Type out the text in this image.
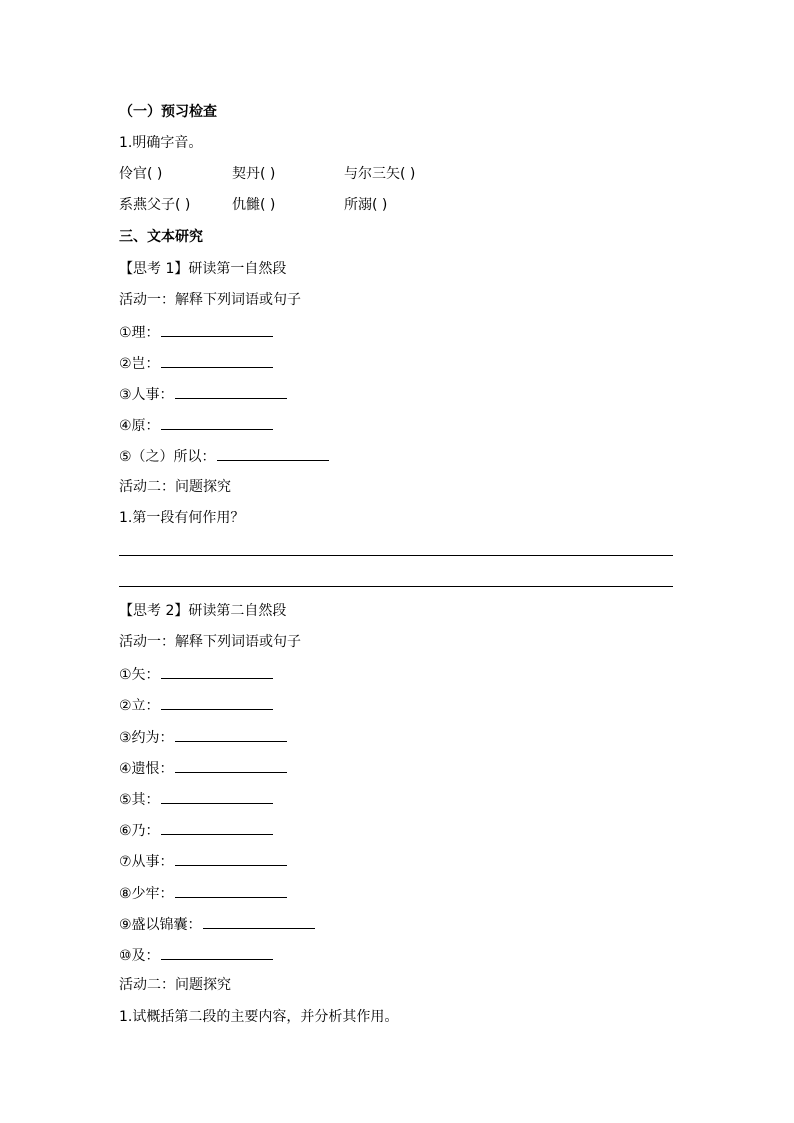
（一）预习检查
1.明确字音。
伶官( )	契丹( )	与尔三矢( )
系燕父子( )	仇雠( )	所溺( )
三、文本研究
【思考 1】研读第一自然段
活动一：解释下列词语或句子
①理：
②岂：
③人事：
④原：
⑤（之）所以：
活动二：问题探究
1.第一段有何作用？
【思考 2】研读第二自然段
活动一：解释下列词语或句子
①矢：
②立：
③约为：
④遗恨：
⑤其：
⑥乃：
⑦从事：
⑧少牢：
⑨盛以锦囊：
⑩及：
活动二：问题探究
1.试概括第二段的主要内容，并分析其作用。
